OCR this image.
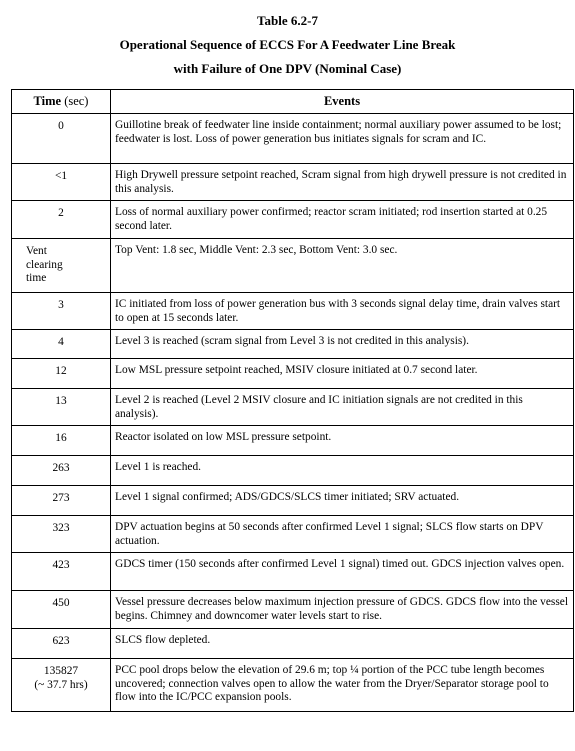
Table 6.2-7
Operational Sequence of ECCS For A Feedwater Line Break
with Failure of One DPV (Nominal Case)
Time (sec)	Events
0	Guillotine break of feedwater line inside containment; normal auxiliary power assumed to be lost; feedwater is lost. Loss of power generation bus initiates signals for scram and IC.
<1	High Drywell pressure setpoint reached, Scram signal from high drywell pressure is not credited in this analysis.
2	Loss of normal auxiliary power confirmed; reactor scram initiated; rod insertion started at 0.25 second later.

Vent clearing time	Top Vent: 1.8 sec, Middle Vent: 2.3 sec, Bottom Vent: 3.0 sec.
3	IC initiated from loss of power generation bus with 3 seconds signal delay time, drain valves start to open at 15 seconds later.
4	Level 3 is reached (scram signal from Level 3 is not credited in this analysis).
12	Low MSL pressure setpoint reached, MSIV closure initiated at 0.7 second later.
13	Level 2 is reached (Level 2 MSIV closure and IC initiation signals are not credited in this analysis).
16	Reactor isolated on low MSL pressure setpoint.
263	Level 1 is reached.
273	Level 1 signal confirmed; ADS/GDCS/SLCS timer initiated; SRV actuated.
323	DPV actuation begins at 50 seconds after confirmed Level 1 signal; SLCS flow starts on DPV actuation.
423	GDCS timer (150 seconds after confirmed Level 1 signal) timed out. GDCS injection valves open.
450	Vessel pressure decreases below maximum injection pressure of GDCS. GDCS flow into the vessel begins. Chimney and downcomer water levels start to rise.
623	SLCS flow depleted.

135827
(~ 37.7 hrs)	PCC pool drops below the elevation of 29.6 m; top ¼ portion of the PCC tube length becomes uncovered; connection valves open to allow the water from the Dryer/Separator storage pool to flow into the IC/PCC expansion pools.
